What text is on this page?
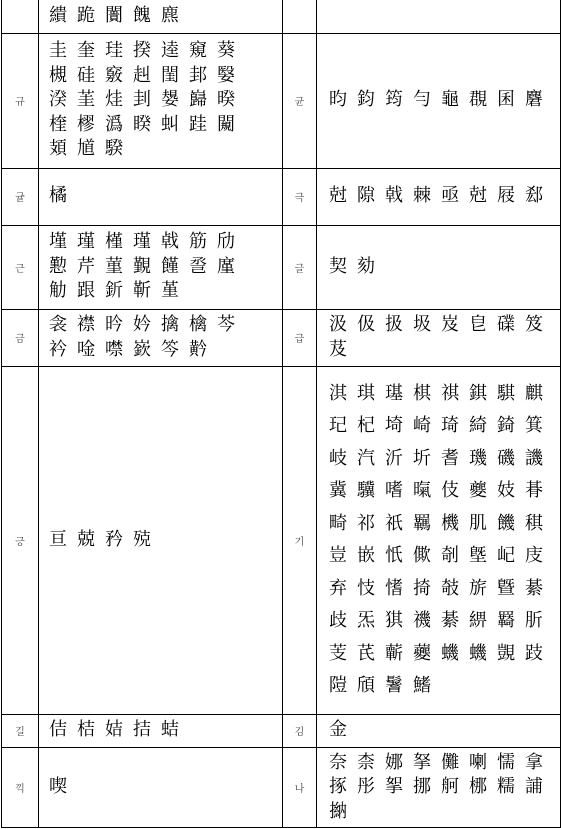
	繢跪闠餽麃		

규	圭奎珪揆逵窺葵槻硅竅赳閨邽嫛湀茥烓刲嫢巋暌楏樛潙睽虯跬闚頍馗騤	균	昀鈞筠勻龜覠囷麏

귤	橘	극	尅隙戟棘亟尅屐郄

근	墐瑾槿瑾㦸筋劤懃芹菫覲饉巹廑觔跟釿靳堇	글	契劾

금	衾襟昑妗擒檎芩衿唫噤嶔笒黅	급	汲伋扱圾岌皀礏笈芨

긍	亘兢矜殑	기	淇琪璂棋祺錤騏麒玘杞埼崎琦綺錡箕岐汽沂圻耆璣磯譏冀驥嗜暣伎夔妓朞畸祁祇羈機肌饑稘豈嵌忯僛剞墍屺庋弃忮愭掎攲旂曁綦歧炁猉禨綦綥羇肵芰芪蘄虁蟣蟣覬跂隑頎鬐鰭

길	佶桔姞拮蛣	김	金

끽	喫	나	奈柰娜拏儺喇懦拿㧻彤挐挪舸梛糯誧㨥
